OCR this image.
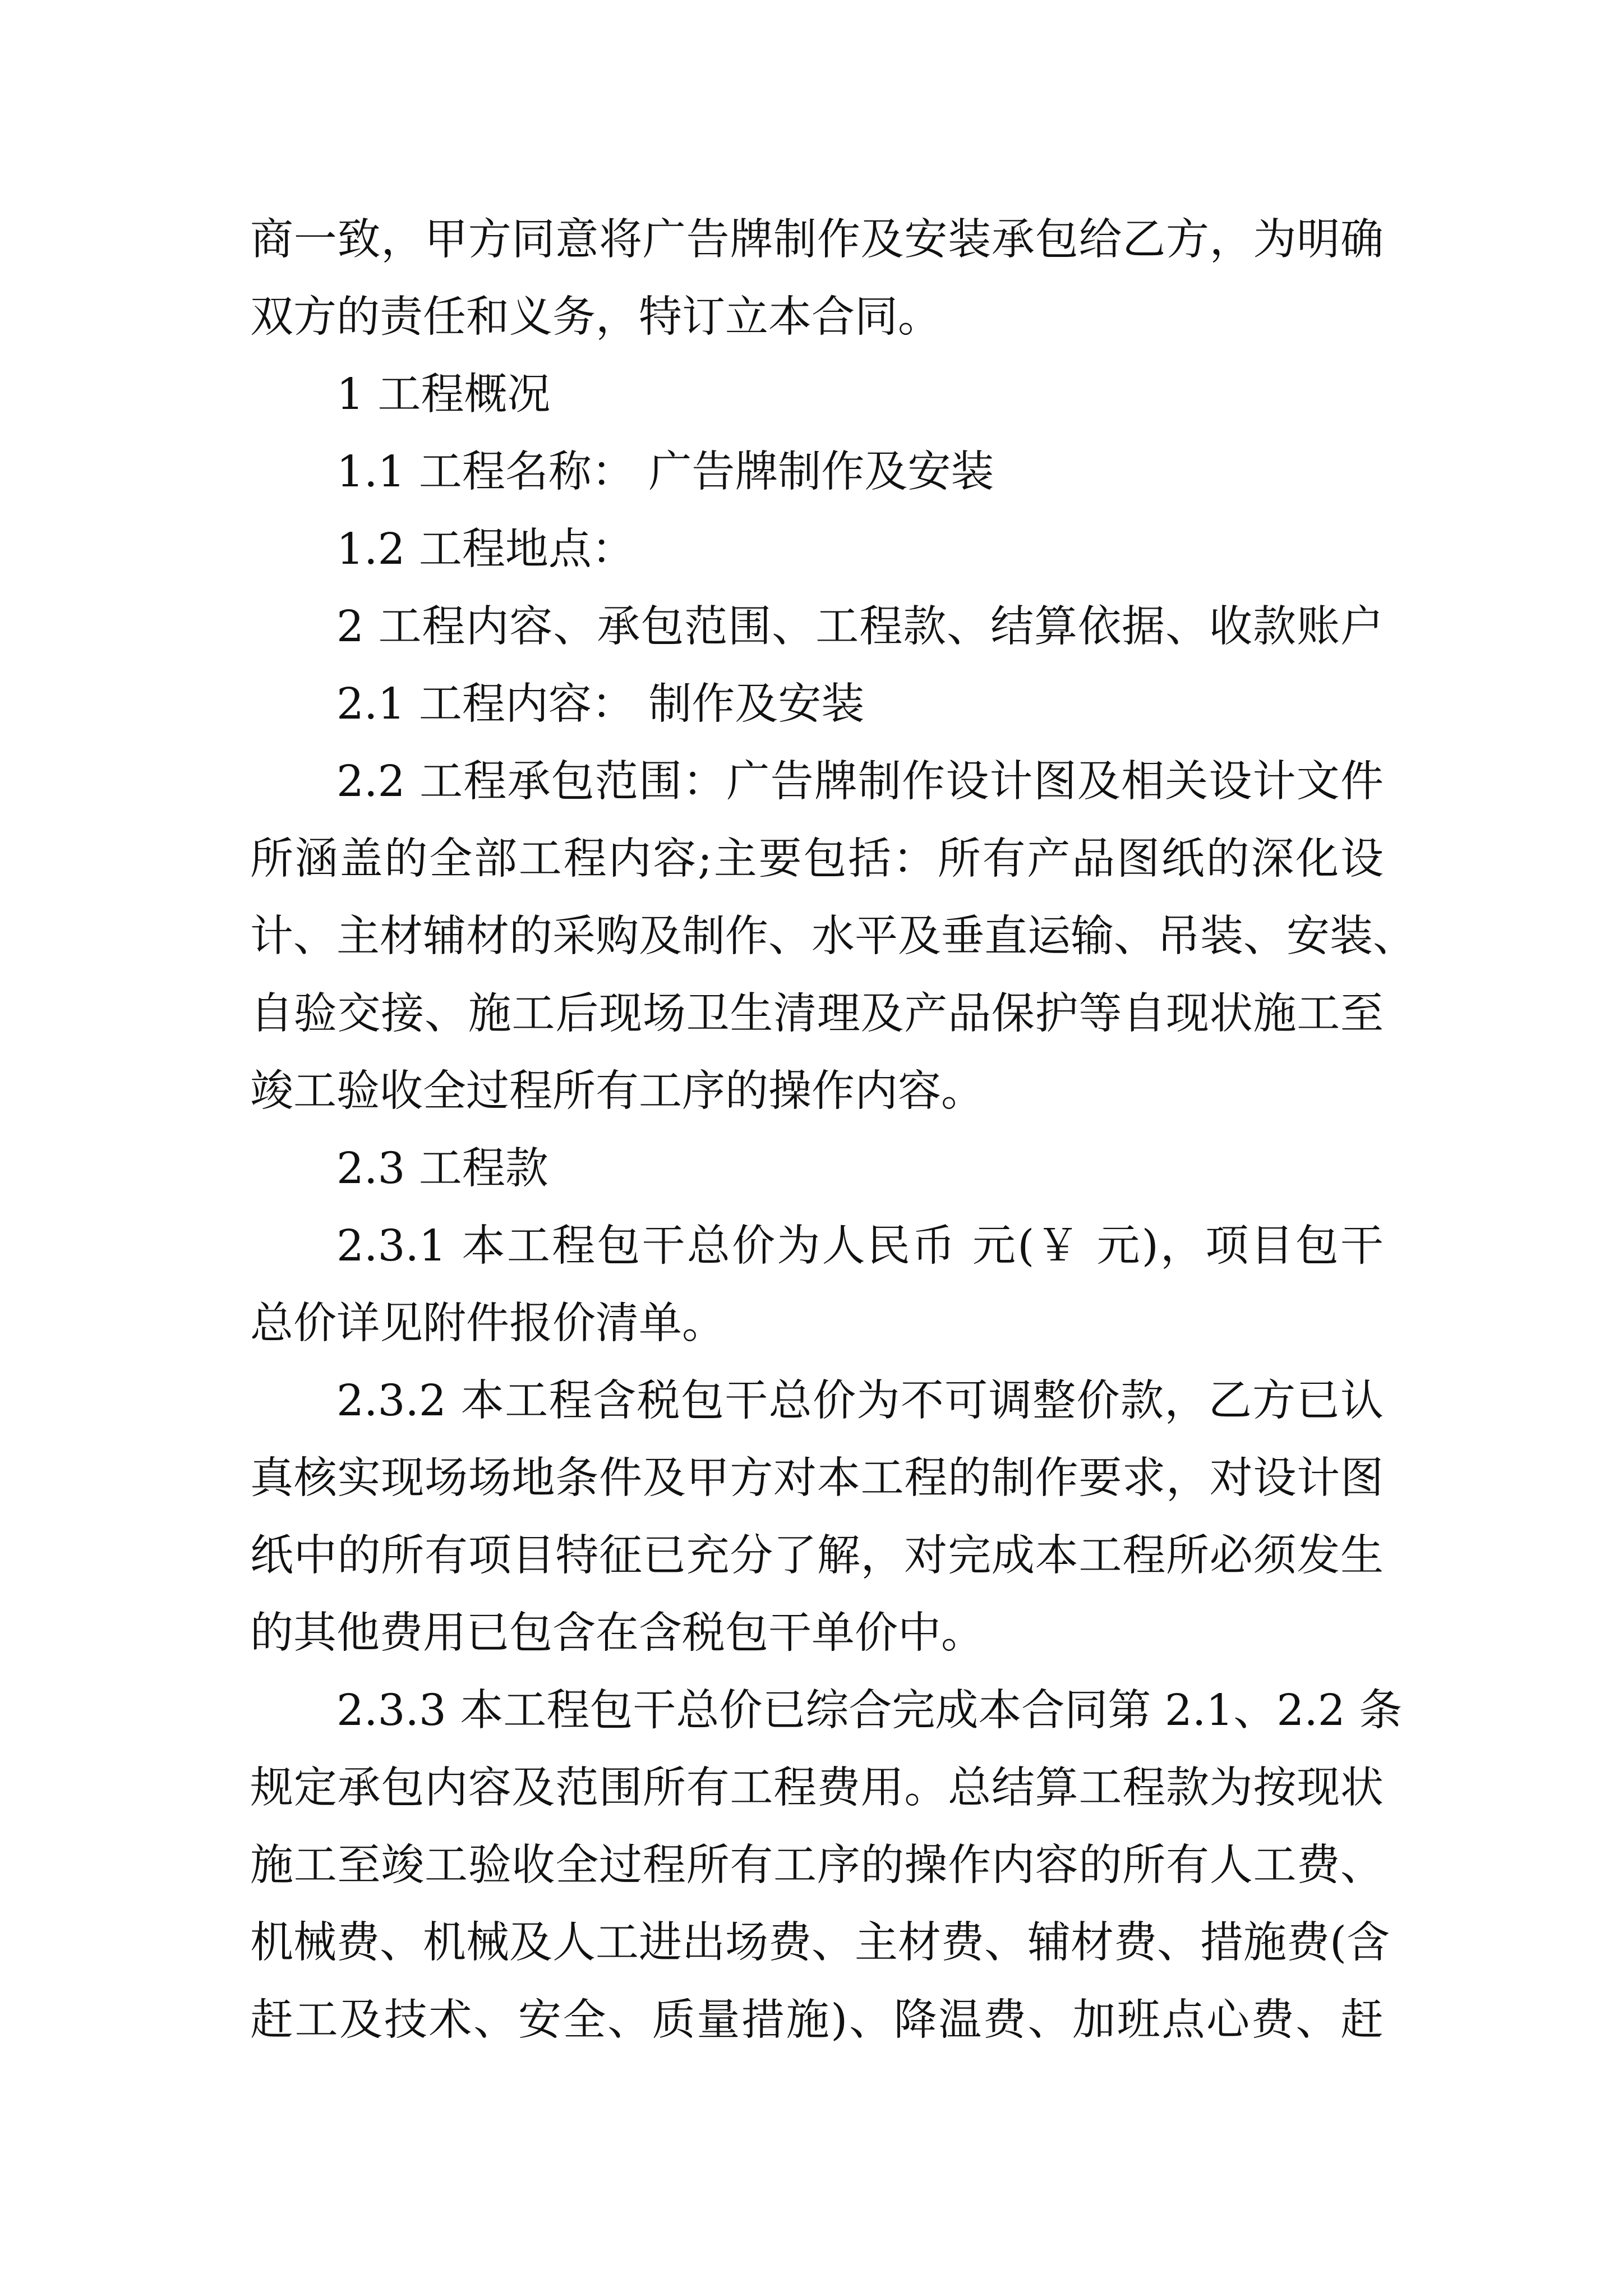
商一致，甲方同意将广告牌制作及安装承包给乙方，为明确
双方的责任和义务，特订立本合同。
1 工程概况
1.1 工程名称： 广告牌制作及安装
1.2 工程地点：
2 工程内容、承包范围、工程款、结算依据、收款账户
2.1 工程内容： 制作及安装
2.2 工程承包范围：广告牌制作设计图及相关设计文件
所涵盖的全部工程内容;主要包括：所有产品图纸的深化设
计、主材辅材的采购及制作、水平及垂直运输、吊装、安装、
自验交接、施工后现场卫生清理及产品保护等自现状施工至
竣工验收全过程所有工序的操作内容。
2.3 工程款
2.3.1 本工程包干总价为人民币 元(￥ 元)，项目包干
总价详见附件报价清单。
2.3.2 本工程含税包干总价为不可调整价款，乙方已认
真核实现场场地条件及甲方对本工程的制作要求，对设计图
纸中的所有项目特征已充分了解，对完成本工程所必须发生
的其他费用已包含在含税包干单价中。
2.3.3 本工程包干总价已综合完成本合同第 2.1、2.2 条
规定承包内容及范围所有工程费用。总结算工程款为按现状
施工至竣工验收全过程所有工序的操作内容的所有人工费、
机械费、机械及人工进出场费、主材费、辅材费、措施费(含
赶工及技术、安全、质量措施)、降温费、加班点心费、赶
